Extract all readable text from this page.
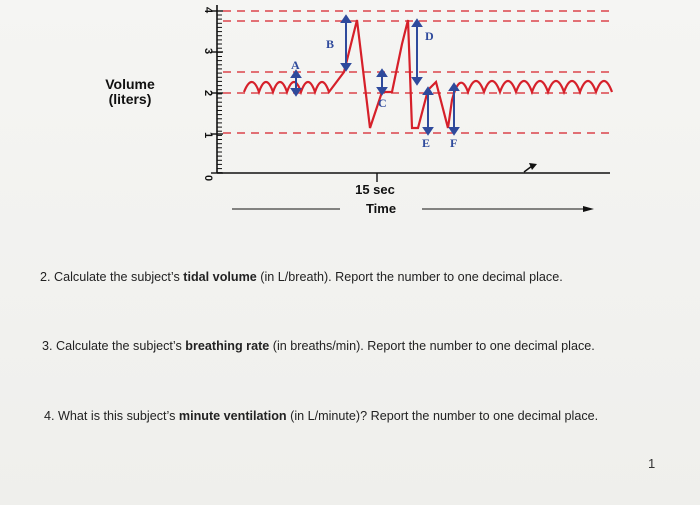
Volume
(liters)
4
3
2
1
0
A
B
C
D
E F
15 sec
Time
2. Calculate the subject’s tidal volume (in L/breath). Report the number to one decimal place.
3. Calculate the subject’s breathing rate (in breaths/min). Report the number to one decimal place.
4. What is this subject’s minute ventilation (in L/minute)? Report the number to one decimal place.
1
